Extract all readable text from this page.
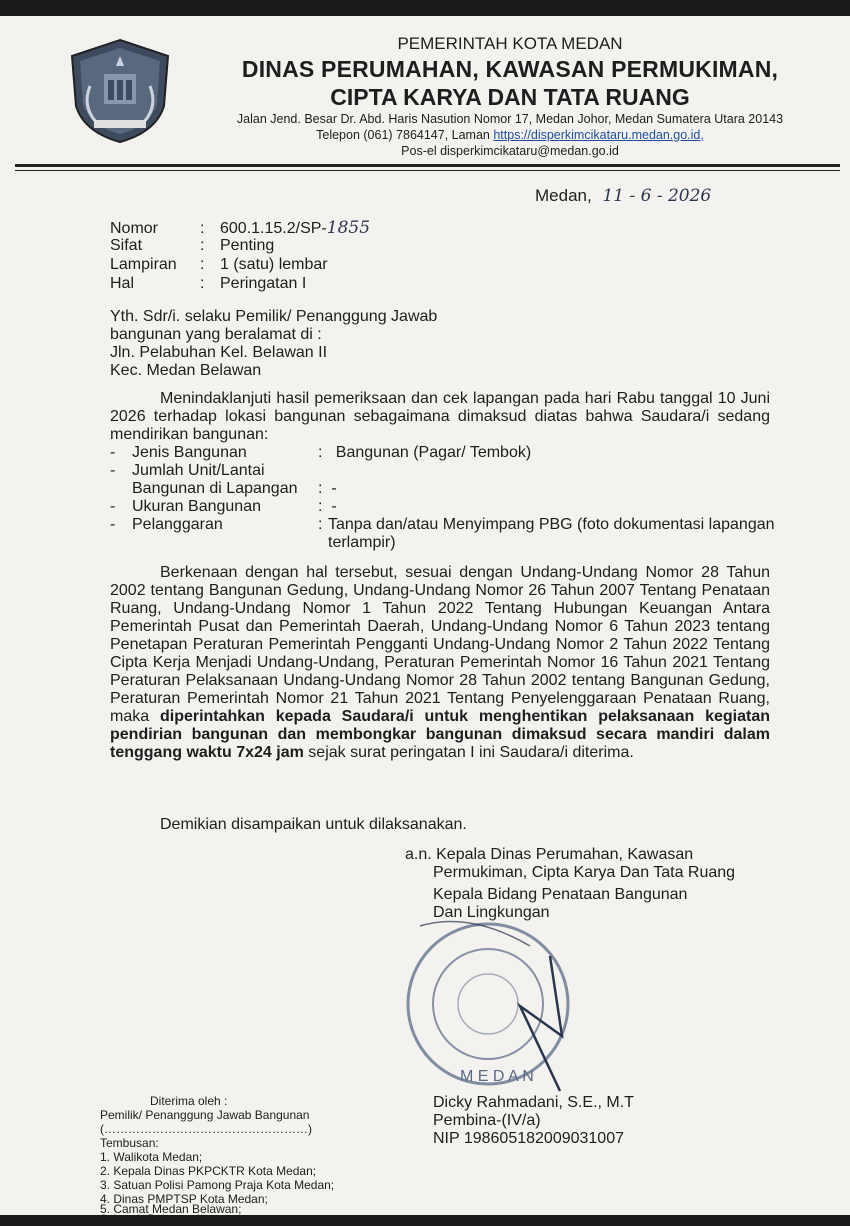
PEMERINTAH KOTA MEDAN
DINAS PERUMAHAN, KAWASAN PERMUKIMAN,
CIPTA KARYA DAN TATA RUANG
Jalan Jend. Besar Dr. Abd. Haris Nasution Nomor 17, Medan Johor, Medan Sumatera Utara 20143
Telepon (061) 7864147, Laman https://disperkimcikataru.medan.go.id,
Pos-el disperkimcikataru@medan.go.id
Medan, 11 - 6 - 2026
Nomor	: 600.1.15.2/SP-1855
Sifat	: Penting
Lampiran : 1 (satu) lembar
Hal	: Peringatan I
Yth. Sdr/i. selaku Pemilik/ Penanggung Jawab
bangunan yang beralamat di :
Jln. Pelabuhan Kel. Belawan II
Kec. Medan Belawan
Menindaklanjuti hasil pemeriksaan dan cek lapangan pada hari Rabu tanggal 10 Juni 2026 terhadap lokasi bangunan sebagaimana dimaksud diatas bahwa Saudara/i sedang mendirikan bangunan:
- Jenis Bangunan	: Bangunan (Pagar/ Tembok)
- Jumlah Unit/Lantai
Bangunan di Lapangan : -
- Ukuran Bangunan	: -
- Pelanggaran	: Tanpa dan/atau Menyimpang PBG (foto dokumentasi lapangan terlampir)
Berkenaan dengan hal tersebut, sesuai dengan Undang-Undang Nomor 28 Tahun 2002 tentang Bangunan Gedung, Undang-Undang Nomor 26 Tahun 2007 Tentang Penataan Ruang, Undang-Undang Nomor 1 Tahun 2022 Tentang Hubungan Keuangan Antara Pemerintah Pusat dan Pemerintah Daerah, Undang-Undang Nomor 6 Tahun 2023 tentang Penetapan Peraturan Pemerintah Pengganti Undang-Undang Nomor 2 Tahun 2022 Tentang Cipta Kerja Menjadi Undang-Undang, Peraturan Pemerintah Nomor 16 Tahun 2021 Tentang Peraturan Pelaksanaan Undang-Undang Nomor 28 Tahun 2002 tentang Bangunan Gedung, Peraturan Pemerintah Nomor 21 Tahun 2021 Tentang Penyelenggaraan Penataan Ruang, maka diperintahkan kepada Saudara/i untuk menghentikan pelaksanaan kegiatan pendirian bangunan dan membongkar bangunan dimaksud secara mandiri dalam tenggang waktu 7x24 jam sejak surat peringatan I ini Saudara/i diterima.
Demikian disampaikan untuk dilaksanakan.
a.n. Kepala Dinas Perumahan, Kawasan
Permukiman, Cipta Karya Dan Tata Ruang
Kepala Bidang Penataan Bangunan
Dan Lingkungan
M E D A N
Dicky Rahmadani, S.E., M.T
Pembina-(IV/a)
NIP 198605182009031007
Diterima oleh :
Pemilik/ Penanggung Jawab Bangunan
(……………………………………………)
Tembusan:
1. Walikota Medan;
2. Kepala Dinas PKPCKTR Kota Medan;
3. Satuan Polisi Pamong Praja Kota Medan;
4. Dinas PMPTSP Kota Medan;
5. Camat Medan Belawan;
6. Lurah Belawan II.
